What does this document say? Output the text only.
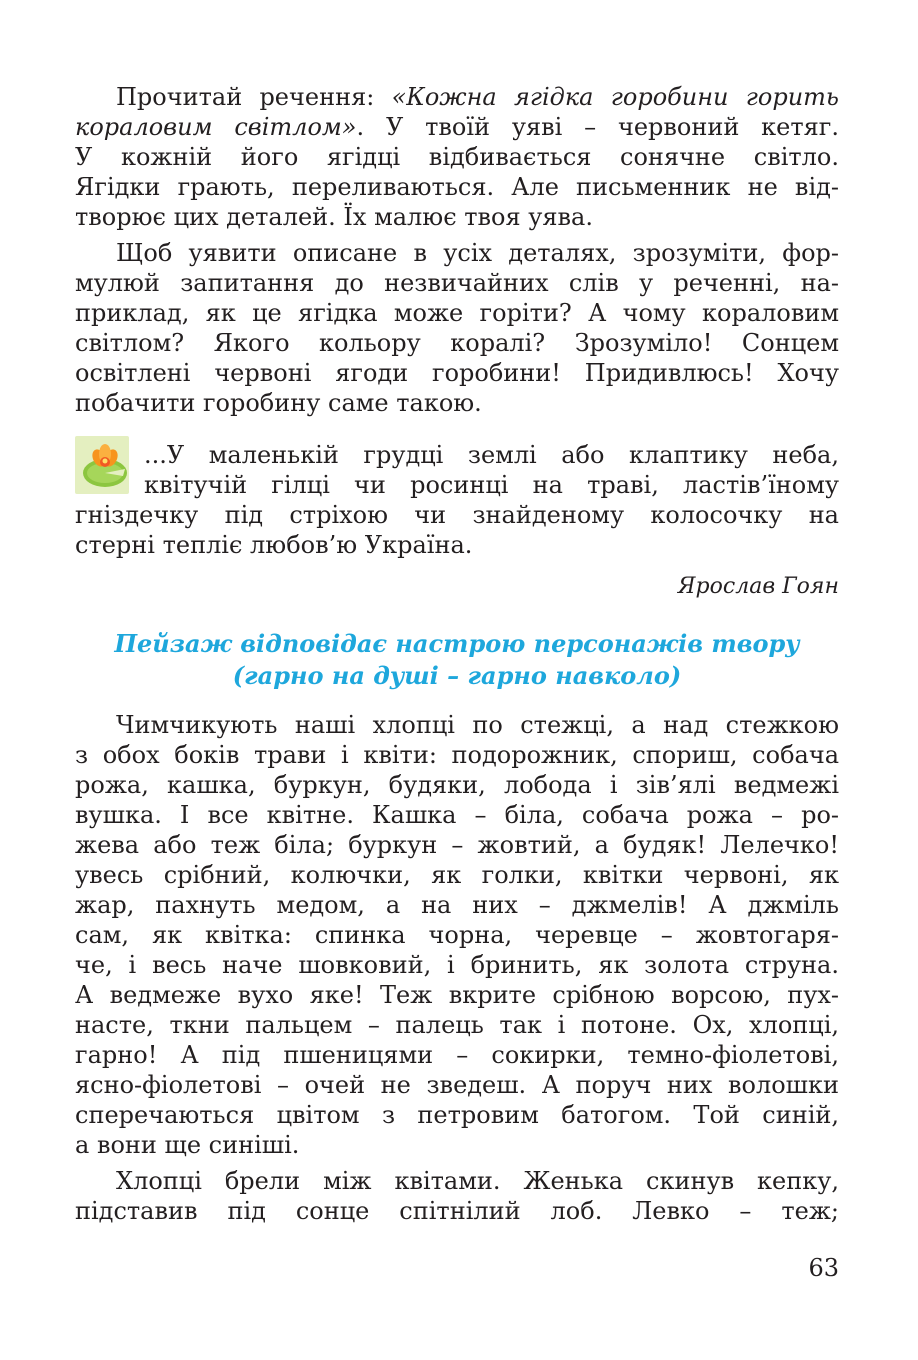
Прочитай речення: «Кожна ягідка горобини горить
кораловим світлом». У твоїй уяві – червоний кетяг.
У кожній його ягідці відбивається сонячне світло.
Ягідки грають, переливаються. Але письменник не від-
творює цих деталей. Їх малює твоя уява.
Щоб уявити описане в усіх деталях, зрозуміти, фор-
мулюй запитання до незвичайних слів у реченні, на-
приклад, як це ягідка може горіти? А чому кораловим
світлом? Якого кольору коралі? Зрозуміло! Сонцем
освітлені червоні ягоди горобини! Придивлюсь! Хочу
побачити горобину саме такою.
...У маленькій грудці землі або клаптику неба,
квітучій гілці чи росинці на траві, ластів’їному
гніздечку під стріхою чи знайденому колосочку на
стерні тепліє любов’ю Україна.
Ярослав Гоян
Пейзаж відповідає настрою персонажів твору
(гарно на душі – гарно навколо)
Чимчикують наші хлопці по стежці, а над стежкою
з обох боків трави і квіти: подорожник, спориш, собача
рожа, кашка, буркун, будяки, лобода і зів’ялі ведмежі
вушка. І все квітне. Кашка – біла, собача рожа – ро-
жева або теж біла; буркун – жовтий, а будяк! Лелечко!
увесь срібний, колючки, як голки, квітки червоні, як
жар, пахнуть медом, а на них – джмелів! А джміль
сам, як квітка: спинка чорна, черевце – жовтогаря-
че, і весь наче шовковий, і бринить, як золота струна.
А ведмеже вухо яке! Теж вкрите срібною ворсою, пух-
насте, ткни пальцем – палець так і потоне. Ох, хлопці,
гарно! А під пшеницями – сокирки, темно-фіолетові,
ясно-фіолетові – очей не зведеш. А поруч них волошки
сперечаються цвітом з петровим батогом. Той синій,
а вони ще синіші.
Хлопці брели між квітами. Женька скинув кепку,
підставив під сонце спітнілий лоб. Левко – теж;
63
